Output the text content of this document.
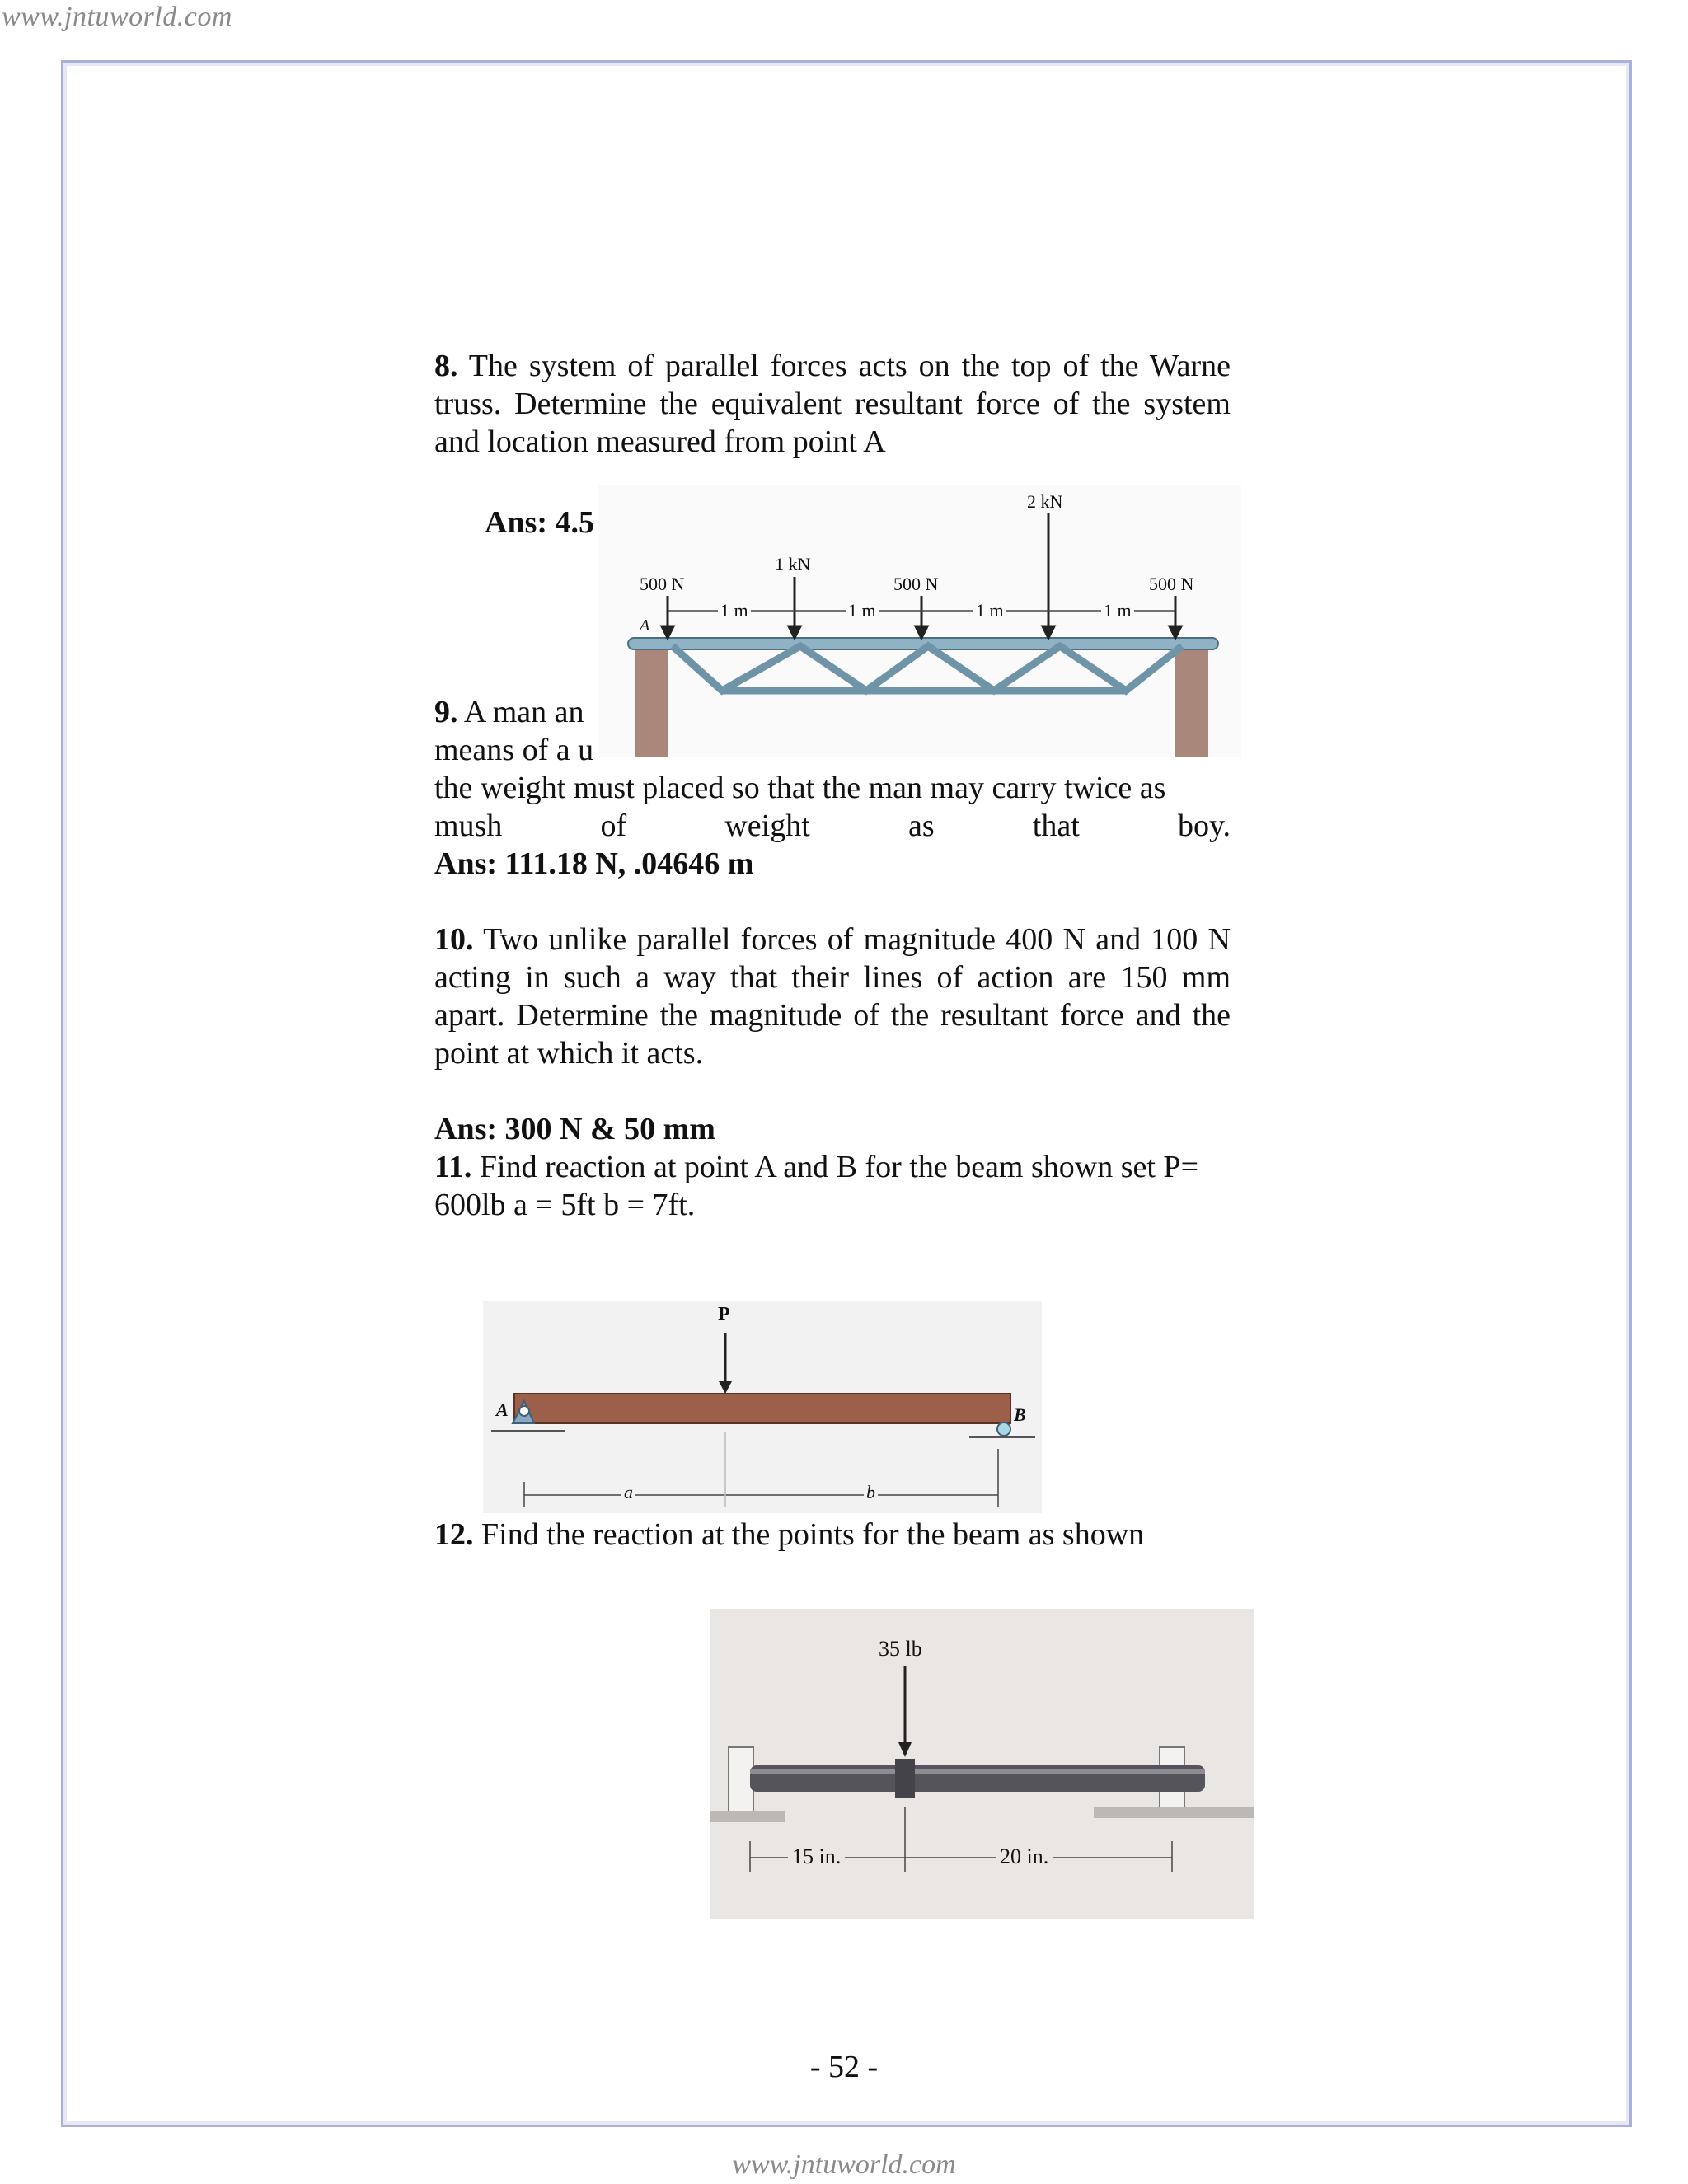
www.jntuworld.com

8. The system of parallel forces acts on the top of the Warne truss. Determine the equivalent resultant force of the system and location measured from point A

Ans: 4.5
2 kN
1 kN
500 N	500 N	500 N
1 m	1 m	1 m	1 m
A
9. A man an
means of a u
the weight must placed so that the man may carry twice as
mush	of	weight	as	that	boy.
Ans: 111.18 N, .04646 m

10. Two unlike parallel forces of magnitude 400 N and 100 N acting in such a way that their lines of action are 150 mm apart. Determine the magnitude of the resultant force and the point at which it acts.

Ans: 300 N & 50 mm
11. Find reaction at point A and B for the beam shown set P=
600lb a = 5ft b = 7ft.
P
A	B
a	b
12. Find the reaction at the points for the beam as shown
35 lb
15 in.	20 in.
- 52 -
www.jntuworld.com
